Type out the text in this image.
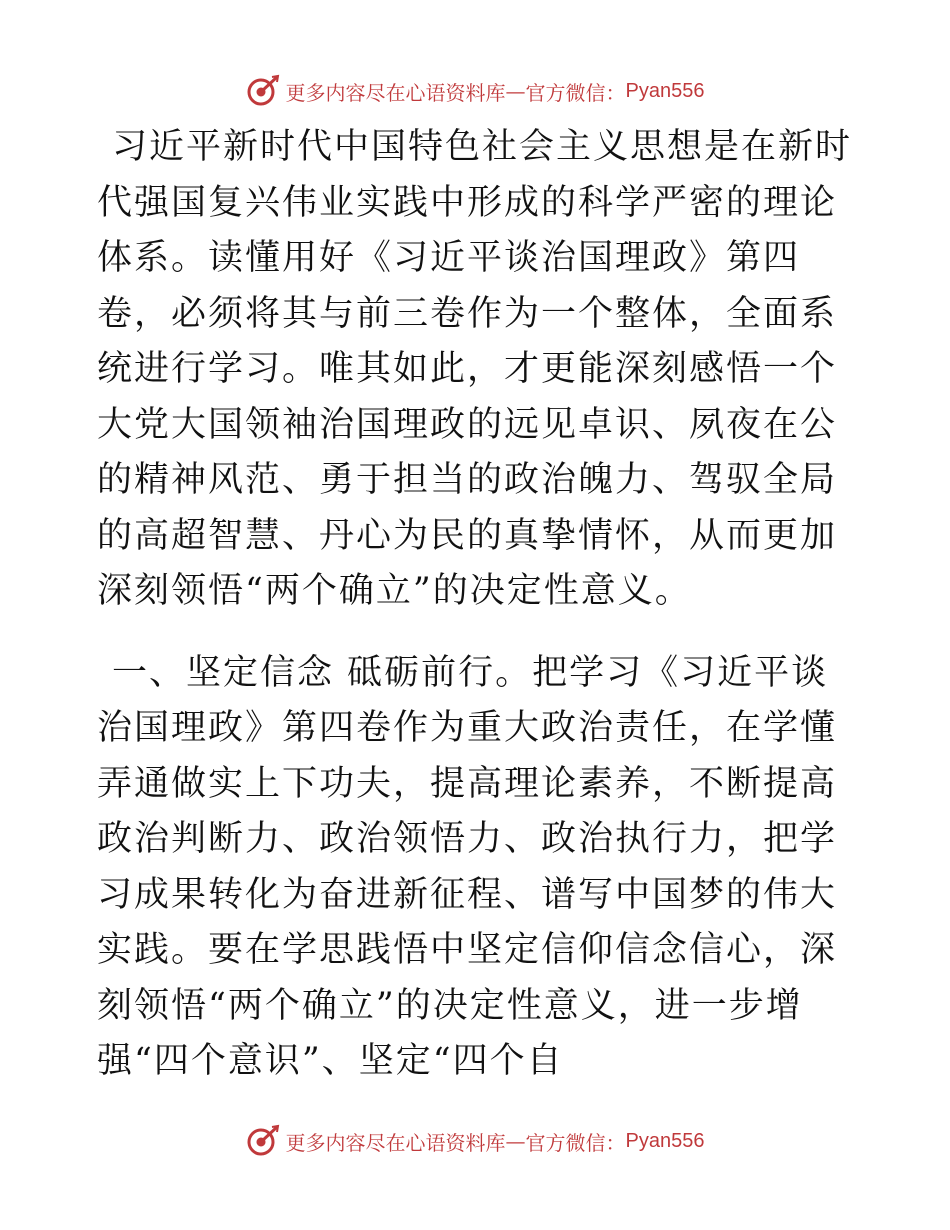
更多内容尽在心语资料库 — 官方微信： Pyan556

习近平新时代中国特色社会主义思想是在新时代强国复兴伟业实践中形成的科学严密的理论体系。读懂用好《习近平谈治国理政》第四卷，必须将其与前三卷作为一个整体，全面系统进行学习。唯其如此，才更能深刻感悟一个大党大国领袖治国理政的远见卓识、夙夜在公的精神风范、勇于担当的政治魄力、驾驭全局的高超智慧、丹心为民的真挚情怀，从而更加深刻领悟“两个确立”的决定性意义。

一、坚定信念 砥砺前行。把学习《习近平谈治国理政》第四卷作为重大政治责任，在学懂弄通做实上下功夫，提高理论素养，不断提高政治判断力、政治领悟力、政治执行力，把学习成果转化为奋进新征程、谱写中国梦的伟大实践。要在学思践悟中坚定信仰信念信心，深刻领悟“两个确立”的决定性意义，进一步增强“四个意识”、坚定“四个自

更多内容尽在心语资料库 — 官方微信： Pyan556
